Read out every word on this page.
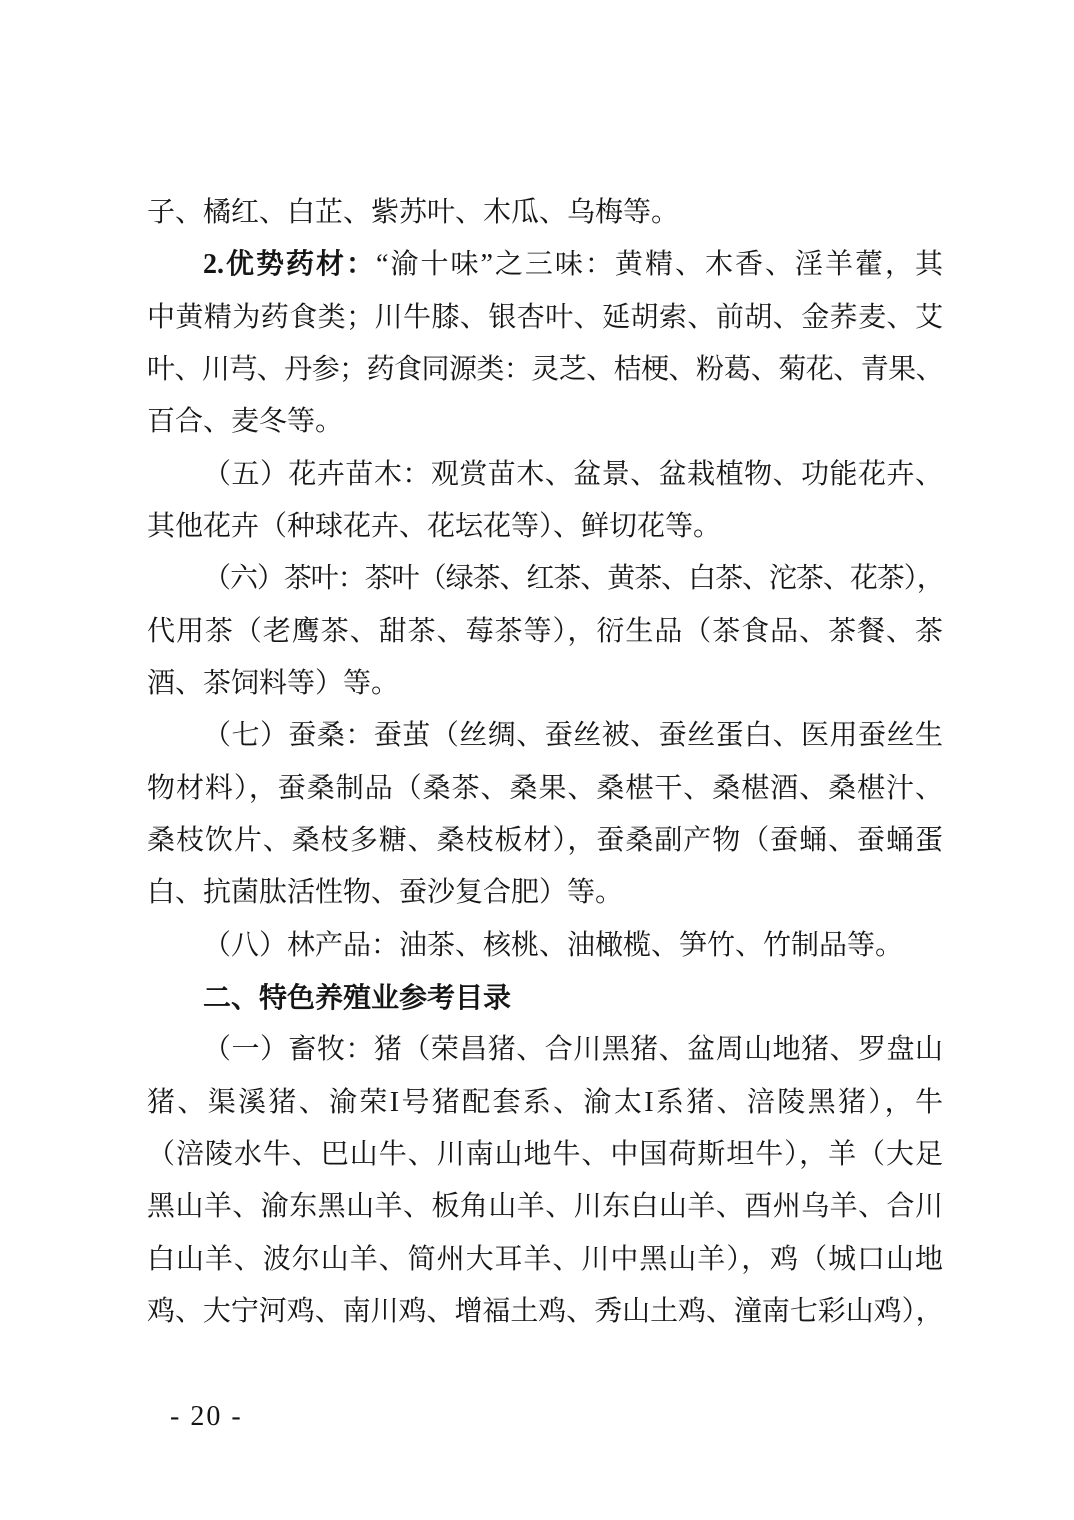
子、橘红、白芷、紫苏叶、木瓜、乌梅等。
2.优势药材：“渝十味”之三味：黄精、木香、淫羊藿，其
中黄精为药食类；川牛膝、银杏叶、延胡索、前胡、金荞麦、艾
叶、川芎、丹参；药食同源类：灵芝、桔梗、粉葛、菊花、青果、
百合、麦冬等。
（五）花卉苗木：观赏苗木、盆景、盆栽植物、功能花卉、
其他花卉（种球花卉、花坛花等）、鲜切花等。
（六）茶叶：茶叶（绿茶、红茶、黄茶、白茶、沱茶、花茶），
代用茶（老鹰茶、甜茶、莓茶等），衍生品（茶食品、茶餐、茶
酒、茶饲料等）等。
（七）蚕桑：蚕茧（丝绸、蚕丝被、蚕丝蛋白、医用蚕丝生
物材料），蚕桑制品（桑茶、桑果、桑椹干、桑椹酒、桑椹汁、
桑枝饮片、桑枝多糖、桑枝板材），蚕桑副产物（蚕蛹、蚕蛹蛋
白、抗菌肽活性物、蚕沙复合肥）等。
（八）林产品：油茶、核桃、油橄榄、笋竹、竹制品等。
二、特色养殖业参考目录
（一）畜牧：猪（荣昌猪、合川黑猪、盆周山地猪、罗盘山
猪、渠溪猪、渝荣I号猪配套系、渝太I系猪、涪陵黑猪），牛
（涪陵水牛、巴山牛、川南山地牛、中国荷斯坦牛），羊（大足
黑山羊、渝东黑山羊、板角山羊、川东白山羊、酉州乌羊、合川
白山羊、波尔山羊、简州大耳羊、川中黑山羊），鸡（城口山地
鸡、大宁河鸡、南川鸡、增福土鸡、秀山土鸡、潼南七彩山鸡），
- 20 -
